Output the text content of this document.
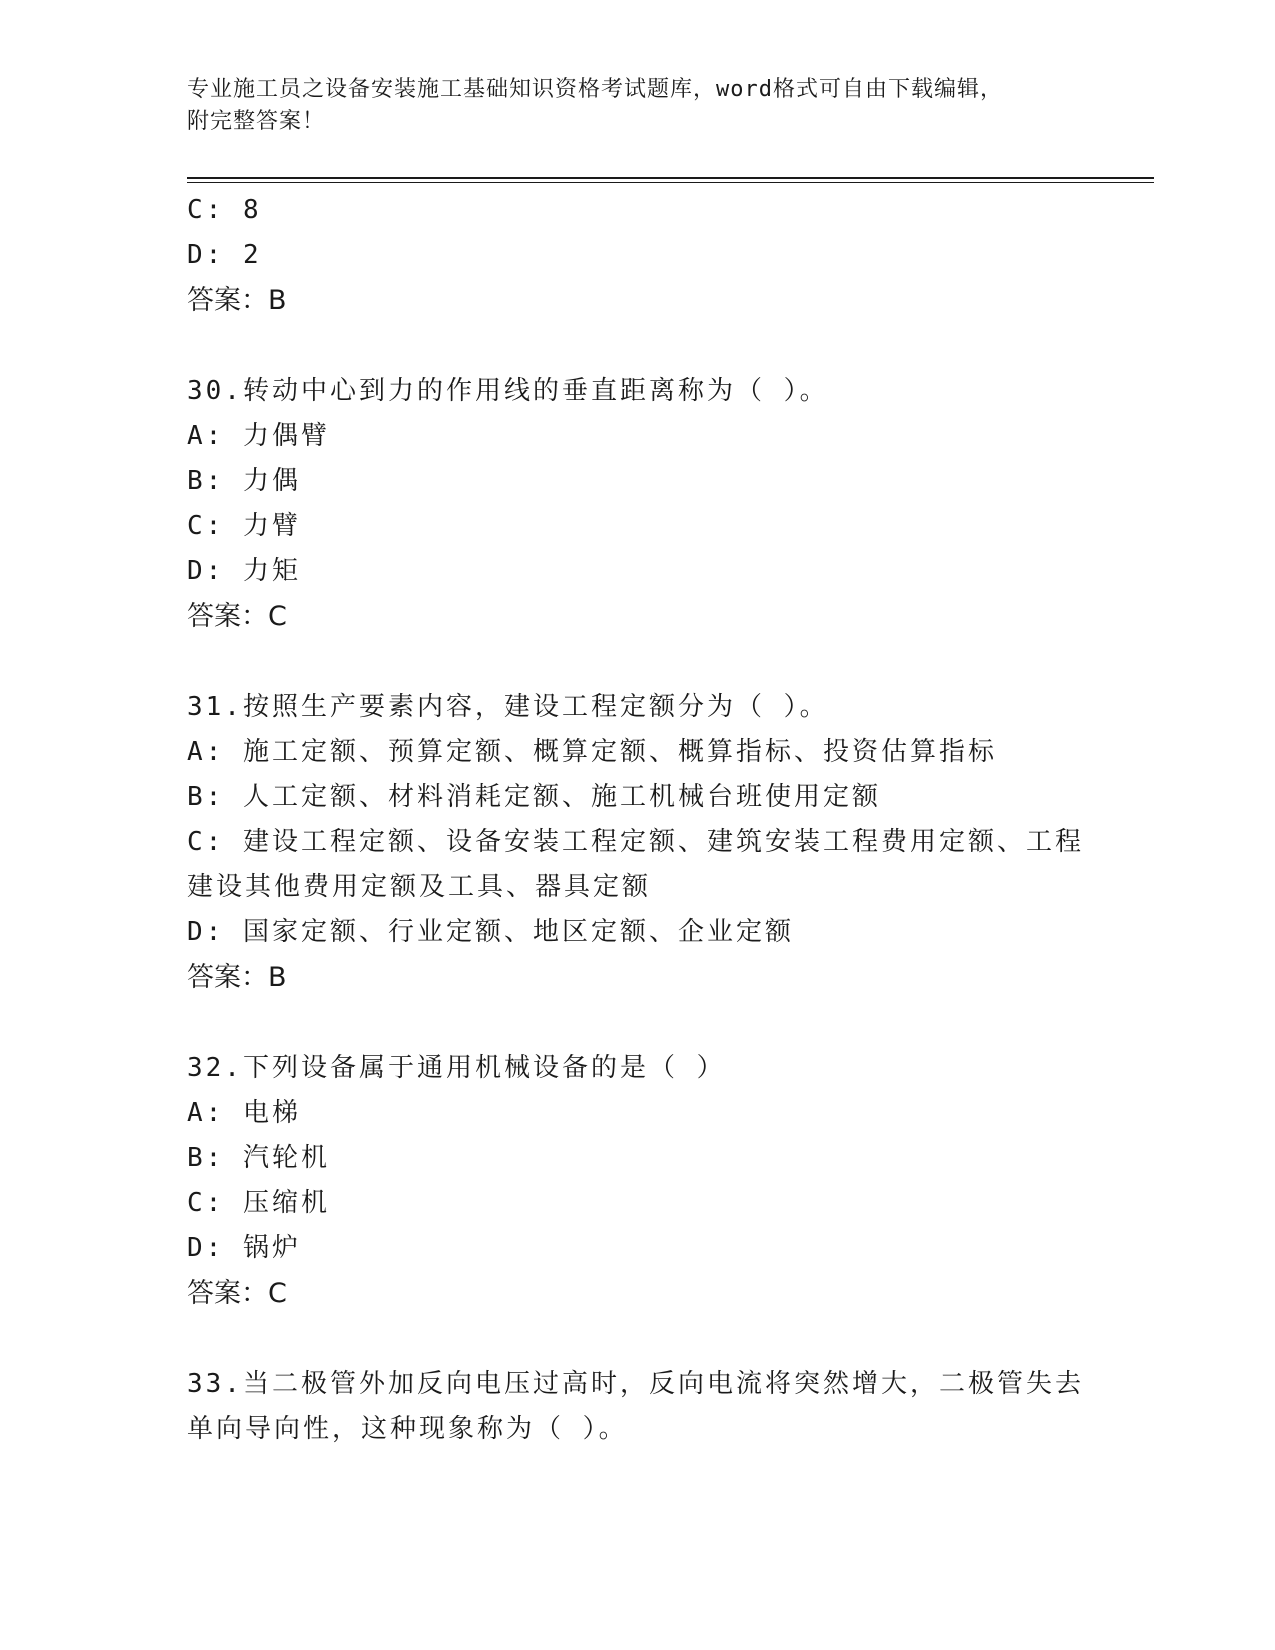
专业施工员之设备安装施工基础知识资格考试题库，word格式可自由下载编辑，
附完整答案！
C: 8
D: 2
答案：B
30.转动中心到力的作用线的垂直距离称为（ ）。
A: 力偶臂
B: 力偶
C: 力臂
D: 力矩
答案：C
31.按照生产要素内容，建设工程定额分为（ ）。
A: 施工定额、预算定额、概算定额、概算指标、投资估算指标
B: 人工定额、材料消耗定额、施工机械台班使用定额
C: 建设工程定额、设备安装工程定额、建筑安装工程费用定额、工程
建设其他费用定额及工具、器具定额
D: 国家定额、行业定额、地区定额、企业定额
答案：B
32.下列设备属于通用机械设备的是（ ）
A: 电梯
B: 汽轮机
C: 压缩机
D: 锅炉
答案：C
33.当二极管外加反向电压过高时，反向电流将突然增大，二极管失去
单向导向性，这种现象称为（ ）。
